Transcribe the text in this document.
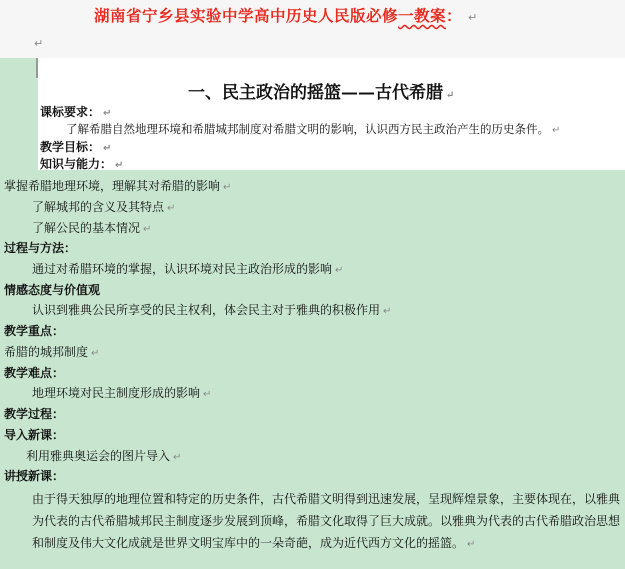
湖南省宁乡县实验中学高中历史人民版必修一教案： ↵
↵
一、民主政治的摇篮——古代希腊 ↵
课标要求： ↵
了解希腊自然地理环境和希腊城邦制度对希腊文明的影响，认识西方民主政治产生的历史条件。 ↵
教学目标： ↵
知识与能力： ↵
掌握希腊地理环境，理解其对希腊的影响 ↵
了解城邦的含义及其特点 ↵
了解公民的基本情况 ↵
过程与方法：
通过对希腊环境的掌握，认识环境对民主政治形成的影响 ↵
情感态度与价值观
认识到雅典公民所享受的民主权利，体会民主对于雅典的积极作用 ↵
教学重点：
希腊的城邦制度 ↵
教学难点：
地理环境对民主制度形成的影响 ↵
教学过程：
导入新课：
利用雅典奥运会的图片导入 ↵
讲授新课：
由于得天独厚的地理位置和特定的历史条件，古代希腊文明得到迅速发展，呈现辉煌景象，主要体现在，以雅典为代表的古代希腊城邦民主制度逐步发展到顶峰，希腊文化取得了巨大成就。以雅典为代表的古代希腊政治思想和制度及伟大文化成就是世界文明宝库中的一朵奇葩，成为近代西方文化的摇篮。 ↵
